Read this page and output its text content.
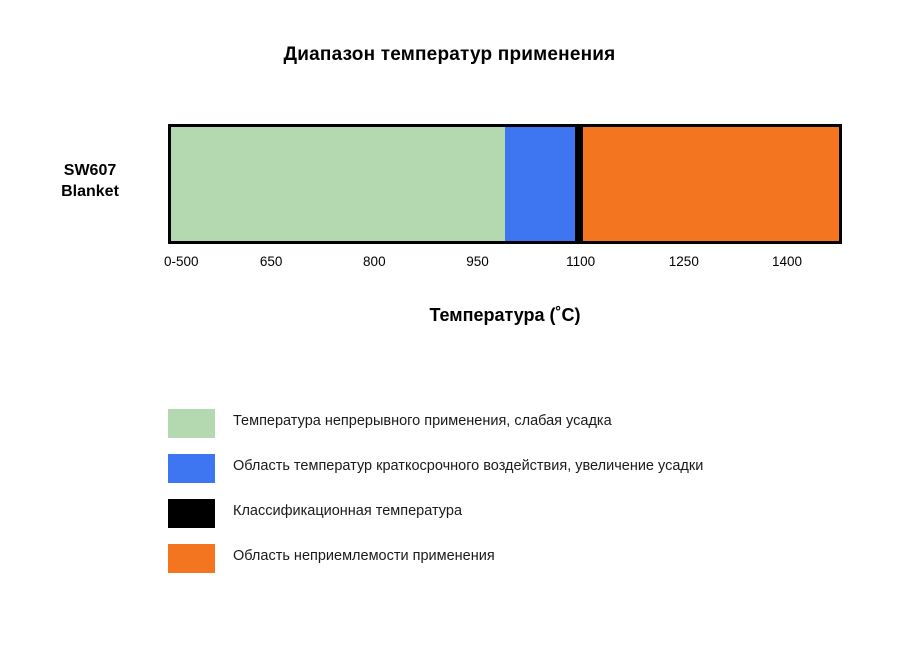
Диапазон температур применения
SW607
Blanket
0-500	650	800	950	1100	1250	1400
Температура (˚C)
Температура непрерывного применения, слабая усадка
Область температур краткосрочного воздействия, увеличение усадки
Классификационная температура
Область неприемлемости применения
